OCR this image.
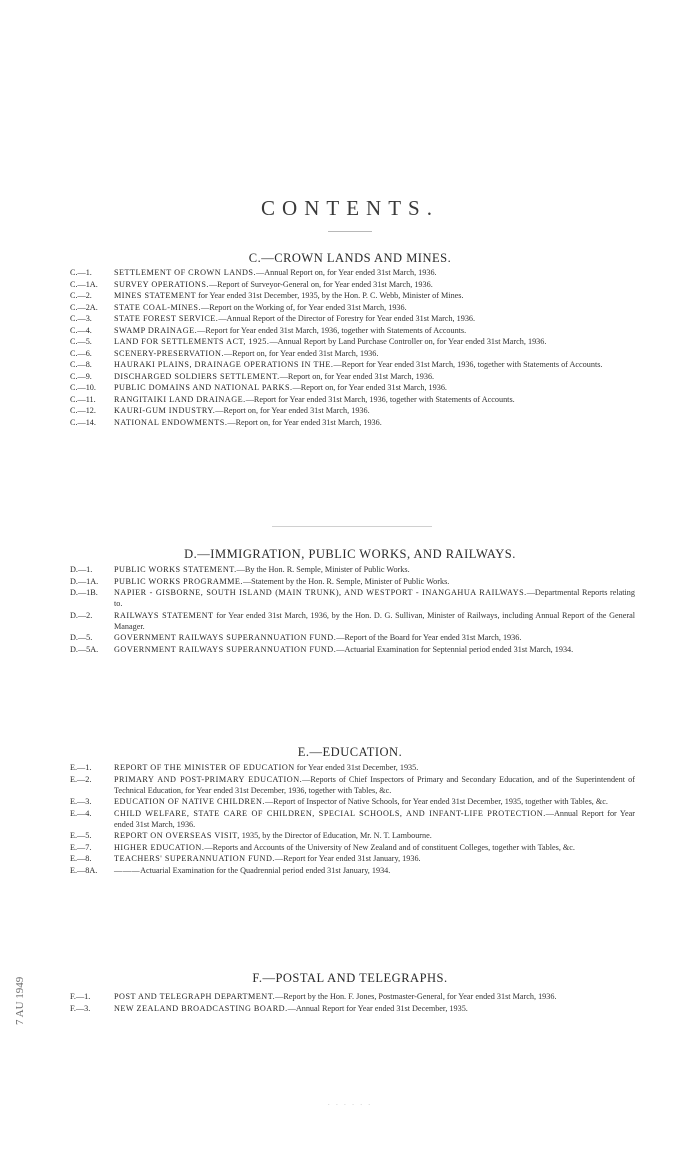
CONTENTS.
C.—CROWN LANDS AND MINES.
C.—1.	SETTLEMENT OF CROWN LANDS.—Annual Report on, for Year ended 31st March, 1936.
C.—1A.	SURVEY OPERATIONS.—Report of Surveyor-General on, for Year ended 31st March, 1936.
C.—2.	MINES STATEMENT for Year ended 31st December, 1935, by the Hon. P. C. Webb, Minister of Mines.
C.—2A.	STATE COAL-MINES.—Report on the Working of, for Year ended 31st March, 1936.
C.—3.	STATE FOREST SERVICE.—Annual Report of the Director of Forestry for Year ended 31st March, 1936.
C.—4.	SWAMP DRAINAGE.—Report for Year ended 31st March, 1936, together with Statements of Accounts.
C.—5.	LAND FOR SETTLEMENTS ACT, 1925.—Annual Report by Land Purchase Controller on, for Year ended 31st March, 1936.
C.—6.	SCENERY-PRESERVATION.—Report on, for Year ended 31st March, 1936.
C.—8.	HAURAKI PLAINS, DRAINAGE OPERATIONS IN THE.—Report for Year ended 31st March, 1936, together with Statements of Accounts.
C.—9.	DISCHARGED SOLDIERS SETTLEMENT.—Report on, for Year ended 31st March, 1936.
C.—10.	PUBLIC DOMAINS AND NATIONAL PARKS.—Report on, for Year ended 31st March, 1936.
C.—11.	RANGITAIKI LAND DRAINAGE.—Report for Year ended 31st March, 1936, together with Statements of Accounts.
C.—12.	KAURI-GUM INDUSTRY.—Report on, for Year ended 31st March, 1936.
C.—14.	NATIONAL ENDOWMENTS.—Report on, for Year ended 31st March, 1936.
D.—IMMIGRATION, PUBLIC WORKS, AND RAILWAYS.
D.—1.	PUBLIC WORKS STATEMENT.—By the Hon. R. Semple, Minister of Public Works.
D.—1A.	PUBLIC WORKS PROGRAMME.—Statement by the Hon. R. Semple, Minister of Public Works.
D.—1B.	NAPIER - GISBORNE, SOUTH ISLAND (MAIN TRUNK), AND WESTPORT - INANGAHUA RAILWAYS.—Departmental Reports relating to.
D.—2.	RAILWAYS STATEMENT for Year ended 31st March, 1936, by the Hon. D. G. Sullivan, Minister of Railways, including Annual Report of the General Manager.
D.—5.	GOVERNMENT RAILWAYS SUPERANNUATION FUND.—Report of the Board for Year ended 31st March, 1936.
D.—5A.	GOVERNMENT RAILWAYS SUPERANNUATION FUND.—Actuarial Examination for Septennial period ended 31st March, 1934.
E.—EDUCATION.
E.—1.	REPORT OF THE MINISTER OF EDUCATION for Year ended 31st December, 1935.
E.—2.	PRIMARY AND POST-PRIMARY EDUCATION.—Reports of Chief Inspectors of Primary and Secondary Education, and of the Superintendent of Technical Education, for Year ended 31st December, 1936, together with Tables, &c.
E.—3.	EDUCATION OF NATIVE CHILDREN.—Report of Inspector of Native Schools, for Year ended 31st December, 1935, together with Tables, &c.
E.—4.	CHILD WELFARE, STATE CARE OF CHILDREN, SPECIAL SCHOOLS, AND INFANT-LIFE PROTECTION.—Annual Report for Year ended 31st March, 1936.
E.—5.	REPORT ON OVERSEAS VISIT, 1935, by the Director of Education, Mr. N. T. Lambourne.
E.—7.	HIGHER EDUCATION.—Reports and Accounts of the University of New Zealand and of constituent Colleges, together with Tables, &c.
E.—8.	TEACHERS' SUPERANNUATION FUND.—Report for Year ended 31st January, 1936.
E.—8A.	———Actuarial Examination for the Quadrennial period ended 31st January, 1934.
F.—POSTAL AND TELEGRAPHS.
F.—1.	POST AND TELEGRAPH DEPARTMENT.—Report by the Hon. F. Jones, Postmaster-General, for Year ended 31st March, 1936.
F.—3.	NEW ZEALAND BROADCASTING BOARD.—Annual Report for Year ended 31st December, 1935.
7 AU 1949
· · · · · ·
